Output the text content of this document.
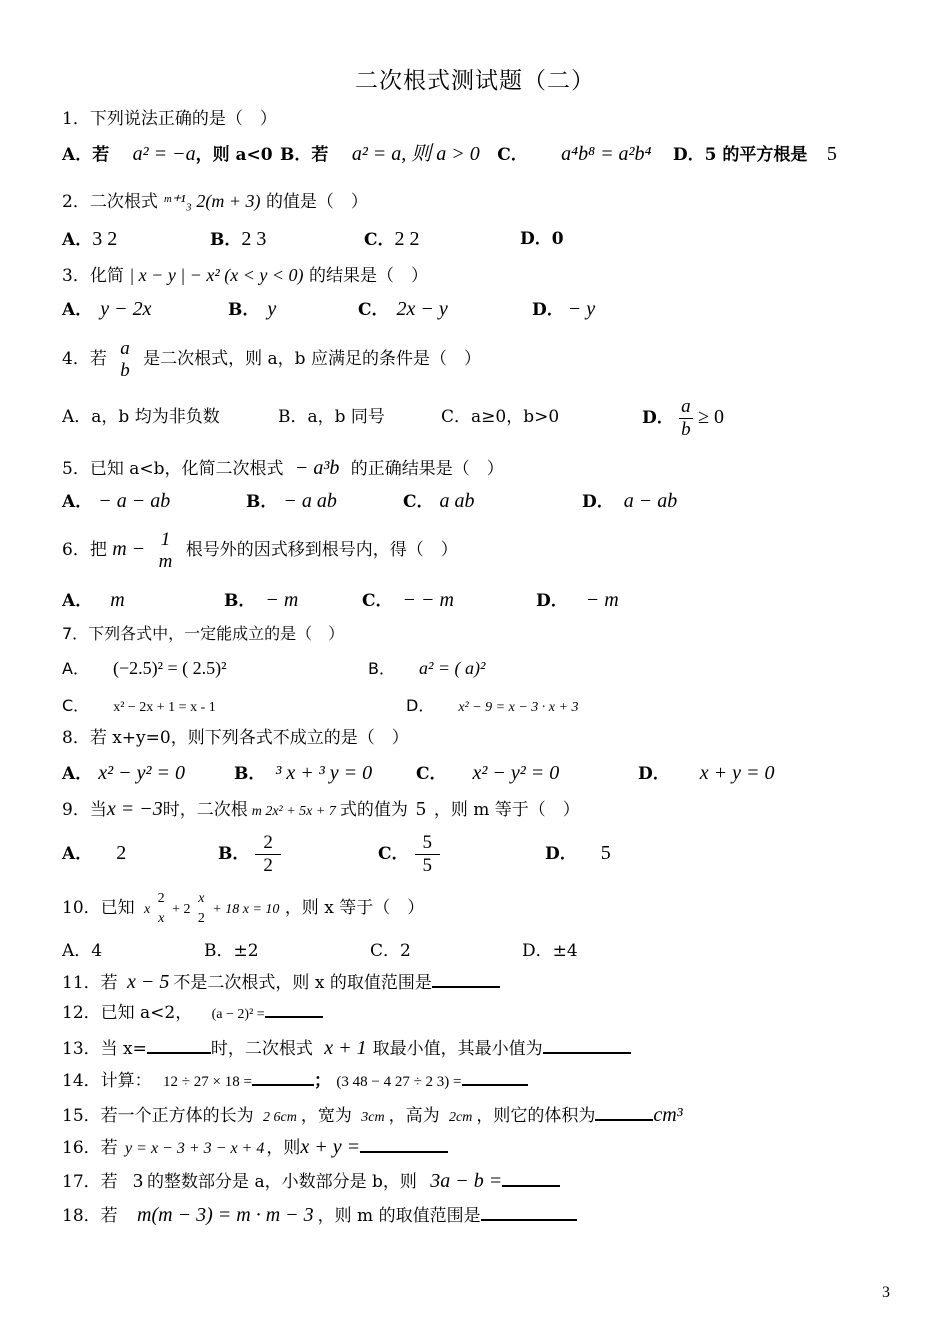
二次根式测试题（二）
1．下列说法正确的是（　）
A．若 a² = −a，则 a<0 B．若 a² = a, 则 a > 0 C． a⁴b⁸ = a²b⁴ D．5 的平方根是 5
2．二次根式 ᵐ⁺¹₃ 2(m + 3) 的值是（　）
A．3 2	B．2 3	C．2 2	D．0
3．化简 | x − y | − x² (x < y < 0) 的结果是（　）
A． y − 2x	B． y	C． 2x − y	D． − y
4．若
a
b
是二次根式，则 a，b 应满足的条件是（　）
A．a，b 均为非负数	B．a，b 同号	C．a≥0，b>0	D． $\frac{a}{b} \ge 0$
5．已知 a<b，化简二次根式 − a³b 的正确结果是（　）
A． − a − ab	B． − a ab	C． a ab	D． a − ab
6．把 m − 1
m
根号外的因式移到根号内，得（　）
A． m	B． − m	C． − − m	D． − m
7．下列各式中，一定能成立的是（　）
A． (−2.5)² = ( 2.5)²	B． a² = ( a)²
C． x² − 2x + 1 = x - 1	D． x² − 9 = x − 3 · x + 3
8．若 x+y=0，则下列各式不成立的是（　）
A． x² − y² = 0	B． ³ x + ³ y = 0	C． x² − y² = 0	D． x + y = 0
9．当x = −3时，二次根 m 2x² + 5x + 7 式的值为 5 ，则 m 等于（　）
A． 2	B． $\frac{2}{2}$	C． $\frac{5}{5}$	D． 5
10．已知 x
2
x
+ 2
x
2
+ 18 x = 10 ，则 x 等于（　）
A．4	B．±2	C．2	D．±4
11．若 x − 5 不是二次根式，则 x 的取值范围是
12．已知 a<2， (a − 2)² =
13．当 x=	时，二次根式 x + 1 取最小值，其最小值为
14．计算： 12 ÷ 27 × 18 =	； (3 48 − 4 27 ÷ 2 3) =
15．若一个正方体的长为 2 6cm ，宽为 3cm ，高为 2cm ，则它的体积为	cm³
16．若 y = x − 3 + 3 − x + 4 ，则x + y =
17．若 3 的整数部分是 a，小数部分是 b，则 3a − b =
18．若 m(m − 3) = m · m − 3 ，则 m 的取值范围是
3
